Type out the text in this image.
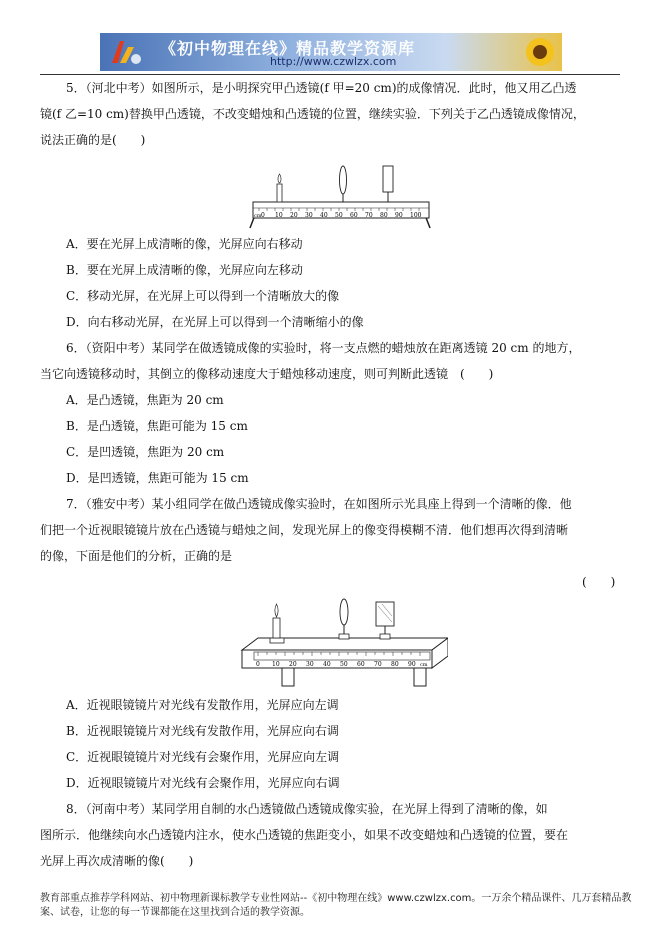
《初中物理在线》精品教学资源库
http://www.czwlzx.com
5．（河北中考）如图所示，是小明探究甲凸透镜(f 甲=20 cm)的成像情况．此时，他又用乙凸透
镜(f 乙=10 cm)替换甲凸透镜，不改变蜡烛和凸透镜的位置，继续实验．下列关于乙凸透镜成像情况，
说法正确的是(　　)
0 10 20 30 40 50 60 70 80 90 100
cm
A．要在光屏上成清晰的像，光屏应向右移动
B．要在光屏上成清晰的像，光屏应向左移动
C．移动光屏，在光屏上可以得到一个清晰放大的像
D．向右移动光屏，在光屏上可以得到一个清晰缩小的像
6．（资阳中考）某同学在做透镜成像的实验时，将一支点燃的蜡烛放在距离透镜 20 cm 的地方，
当它向透镜移动时，其倒立的像移动速度大于蜡烛移动速度，则可判断此透镜　(　　)
A．是凸透镜，焦距为 20 cm
B．是凸透镜，焦距可能为 15 cm
C．是凹透镜，焦距为 20 cm
D．是凹透镜，焦距可能为 15 cm
7．（雅安中考）某小组同学在做凸透镜成像实验时，在如图所示光具座上得到一个清晰的像．他
们把一个近视眼镜镜片放在凸透镜与蜡烛之间，发现光屏上的像变得模糊不清．他们想再次得到清晰
的像，下面是他们的分析，正确的是
(　　)
0 10 20 30 40 50 60 70 80 90 cm
A．近视眼镜镜片对光线有发散作用，光屏应向左调
B．近视眼镜镜片对光线有发散作用，光屏应向右调
C．近视眼镜镜片对光线有会聚作用，光屏应向左调
D．近视眼镜镜片对光线有会聚作用，光屏应向右调
8．（河南中考）某同学用自制的水凸透镜做凸透镜成像实验，在光屏上得到了清晰的像，如
图所示．他继续向水凸透镜内注水，使水凸透镜的焦距变小，如果不改变蜡烛和凸透镜的位置，要在
光屏上再次成清晰的像(　　)
教育部重点推荐学科网站、初中物理新课标教学专业性网站--《初中物理在线》www.czwlzx.com。一万余个精品课件、几万套精品教
案、试卷，让您的每一节课都能在这里找到合适的教学资源。
